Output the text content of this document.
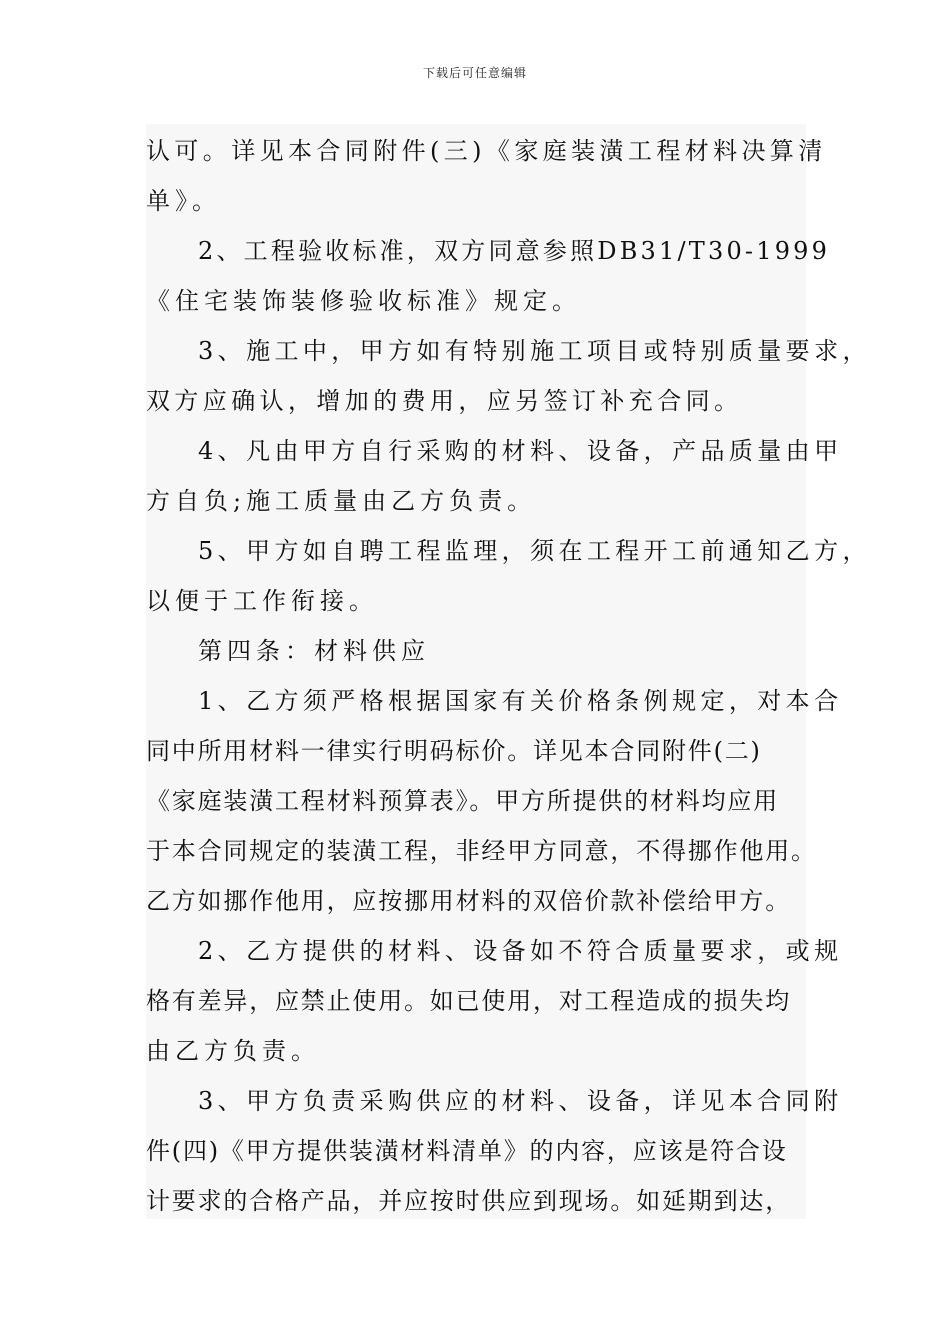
下载后可任意编辑
认可。详见本合同附件(三)《家庭装潢工程材料决算清
单》。
2、工程验收标准，双方同意参照DB31/T30-1999
《住宅装饰装修验收标准》规定。
3、施工中，甲方如有特别施工项目或特别质量要求，
双方应确认，增加的费用，应另签订补充合同。
4、凡由甲方自行采购的材料、设备，产品质量由甲
方自负;施工质量由乙方负责。
5、甲方如自聘工程监理，须在工程开工前通知乙方，
以便于工作衔接。
第四条：材料供应
1、乙方须严格根据国家有关价格条例规定，对本合
同中所用材料一律实行明码标价。详见本合同附件(二)
《家庭装潢工程材料预算表》。甲方所提供的材料均应用
于本合同规定的装潢工程，非经甲方同意，不得挪作他用。
乙方如挪作他用，应按挪用材料的双倍价款补偿给甲方。
2、乙方提供的材料、设备如不符合质量要求，或规
格有差异，应禁止使用。如已使用，对工程造成的损失均
由乙方负责。
3、甲方负责采购供应的材料、设备，详见本合同附
件(四)《甲方提供装潢材料清单》的内容，应该是符合设
计要求的合格产品，并应按时供应到现场。如延期到达，
